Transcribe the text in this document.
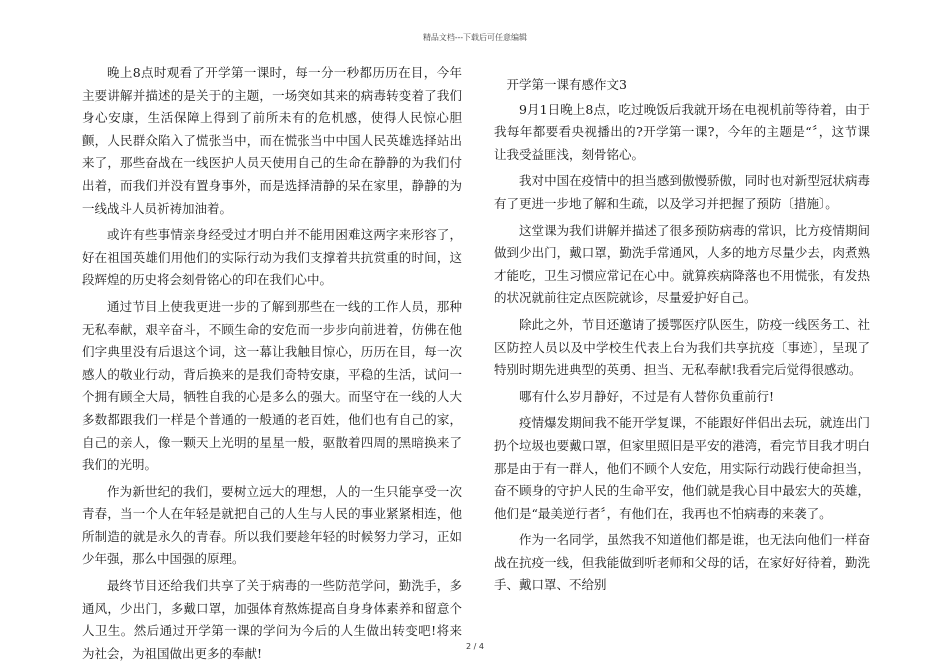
精品文档---下载后可任意编辑

晚上8点时观看了开学第一课时，每一分一秒都历历在目，今年主要讲解并描述的是关于的主题，一场突如其来的病毒转变着了我们身心安康，生活保障上得到了前所未有的危机感，使得人民惊心胆颤，人民群众陷入了慌张当中，而在慌张当中中国人民英雄选择站出来了，那些奋战在一线医护人员天使用自己的生命在静静的为我们付出着，而我们并没有置身事外，而是选择清静的呆在家里，静静的为一线战斗人员祈祷加油着。

或许有些事情亲身经受过才明白并不能用困难这两字来形容了，好在祖国英雄们用他们的实际行动为我们支撑着共抗赏重的时间，这段辉煌的历史将会刻骨铭心的印在我们心中。

通过节目上使我更进一步的了解到那些在一线的工作人员，那种无私奉献，艰辛奋斗，不顾生命的安危而一步步向前进着，仿佛在他们字典里没有后退这个词，这一幕让我触目惊心，历历在目，每一次感人的敬业行动，背后换来的是我们奇特安康，平稳的生活，试问一个拥有顾全大局，牺牲自我的心是多么的强大。而坚守在一线的人大多数都跟我们一样是个普通的一般通的老百姓，他们也有自己的家，自己的亲人，像一颗天上光明的星星一般，驱散着四周的黑暗换来了我们的光明。

作为新世纪的我们，要树立远大的理想，人的一生只能享受一次青春，当一个人在年轻是就把自己的人生与人民的事业紧紧相连，他所制造的就是永久的青春。所以我们要趁年轻的时候努力学习，正如少年强，那么中国强的原理。

最终节目还给我们共享了关于病毒的一些防范学问，勤洗手，多通风，少出门，多戴口罩，加强体育熬炼提高自身身体素养和留意个人卫生。然后通过开学第一课的学问为今后的人生做出转变吧!将来为社会，为祖国做出更多的奉献!

开学第一课有感作文3

9月1日晚上8点，吃过晚饭后我就开场在电视机前等待着，由于我每年都要看央视播出的?开学第一课?，今年的主题是“〞，这节课让我受益匪浅，刻骨铭心。

我对中国在疫情中的担当感到傲慢骄傲，同时也对新型冠状病毒有了更进一步地了解和生疏，以及学习并把握了预防〔措施〕。

这堂课为我们讲解并描述了很多预防病毒的常识，比方疫情期间做到少出门，戴口罩，勤洗手常通风，人多的地方尽量少去，肉煮熟才能吃，卫生习惯应常记在心中。就算疾病降落也不用慌张，有发热的状况就前往定点医院就诊，尽量爱护好自己。

除此之外，节目还邀请了援鄂医疗队医生，防疫一线医务工、社区防控人员以及中学校生代表上台为我们共享抗疫〔事迹〕，呈现了特别时期先进典型的英勇、担当、无私奉献!我看完后觉得很感动。

哪有什么岁月静好，不过是有人替你负重前行!

疫情爆发期间我不能开学复课，不能跟好伴侣出去玩，就连出门扔个垃圾也要戴口罩，但家里照旧是平安的港湾，看完节目我才明白那是由于有一群人，他们不顾个人安危，用实际行动践行使命担当，奋不顾身的守护人民的生命平安，他们就是我心目中最宏大的英雄，他们是“最美逆行者〞，有他们在，我再也不怕病毒的来袭了。

作为一名同学，虽然我不知道他们都是谁，也无法向他们一样奋战在抗疫一线，但我能做到听老师和父母的话，在家好好待着，勤洗手、戴口罩、不给别

2 / 4
